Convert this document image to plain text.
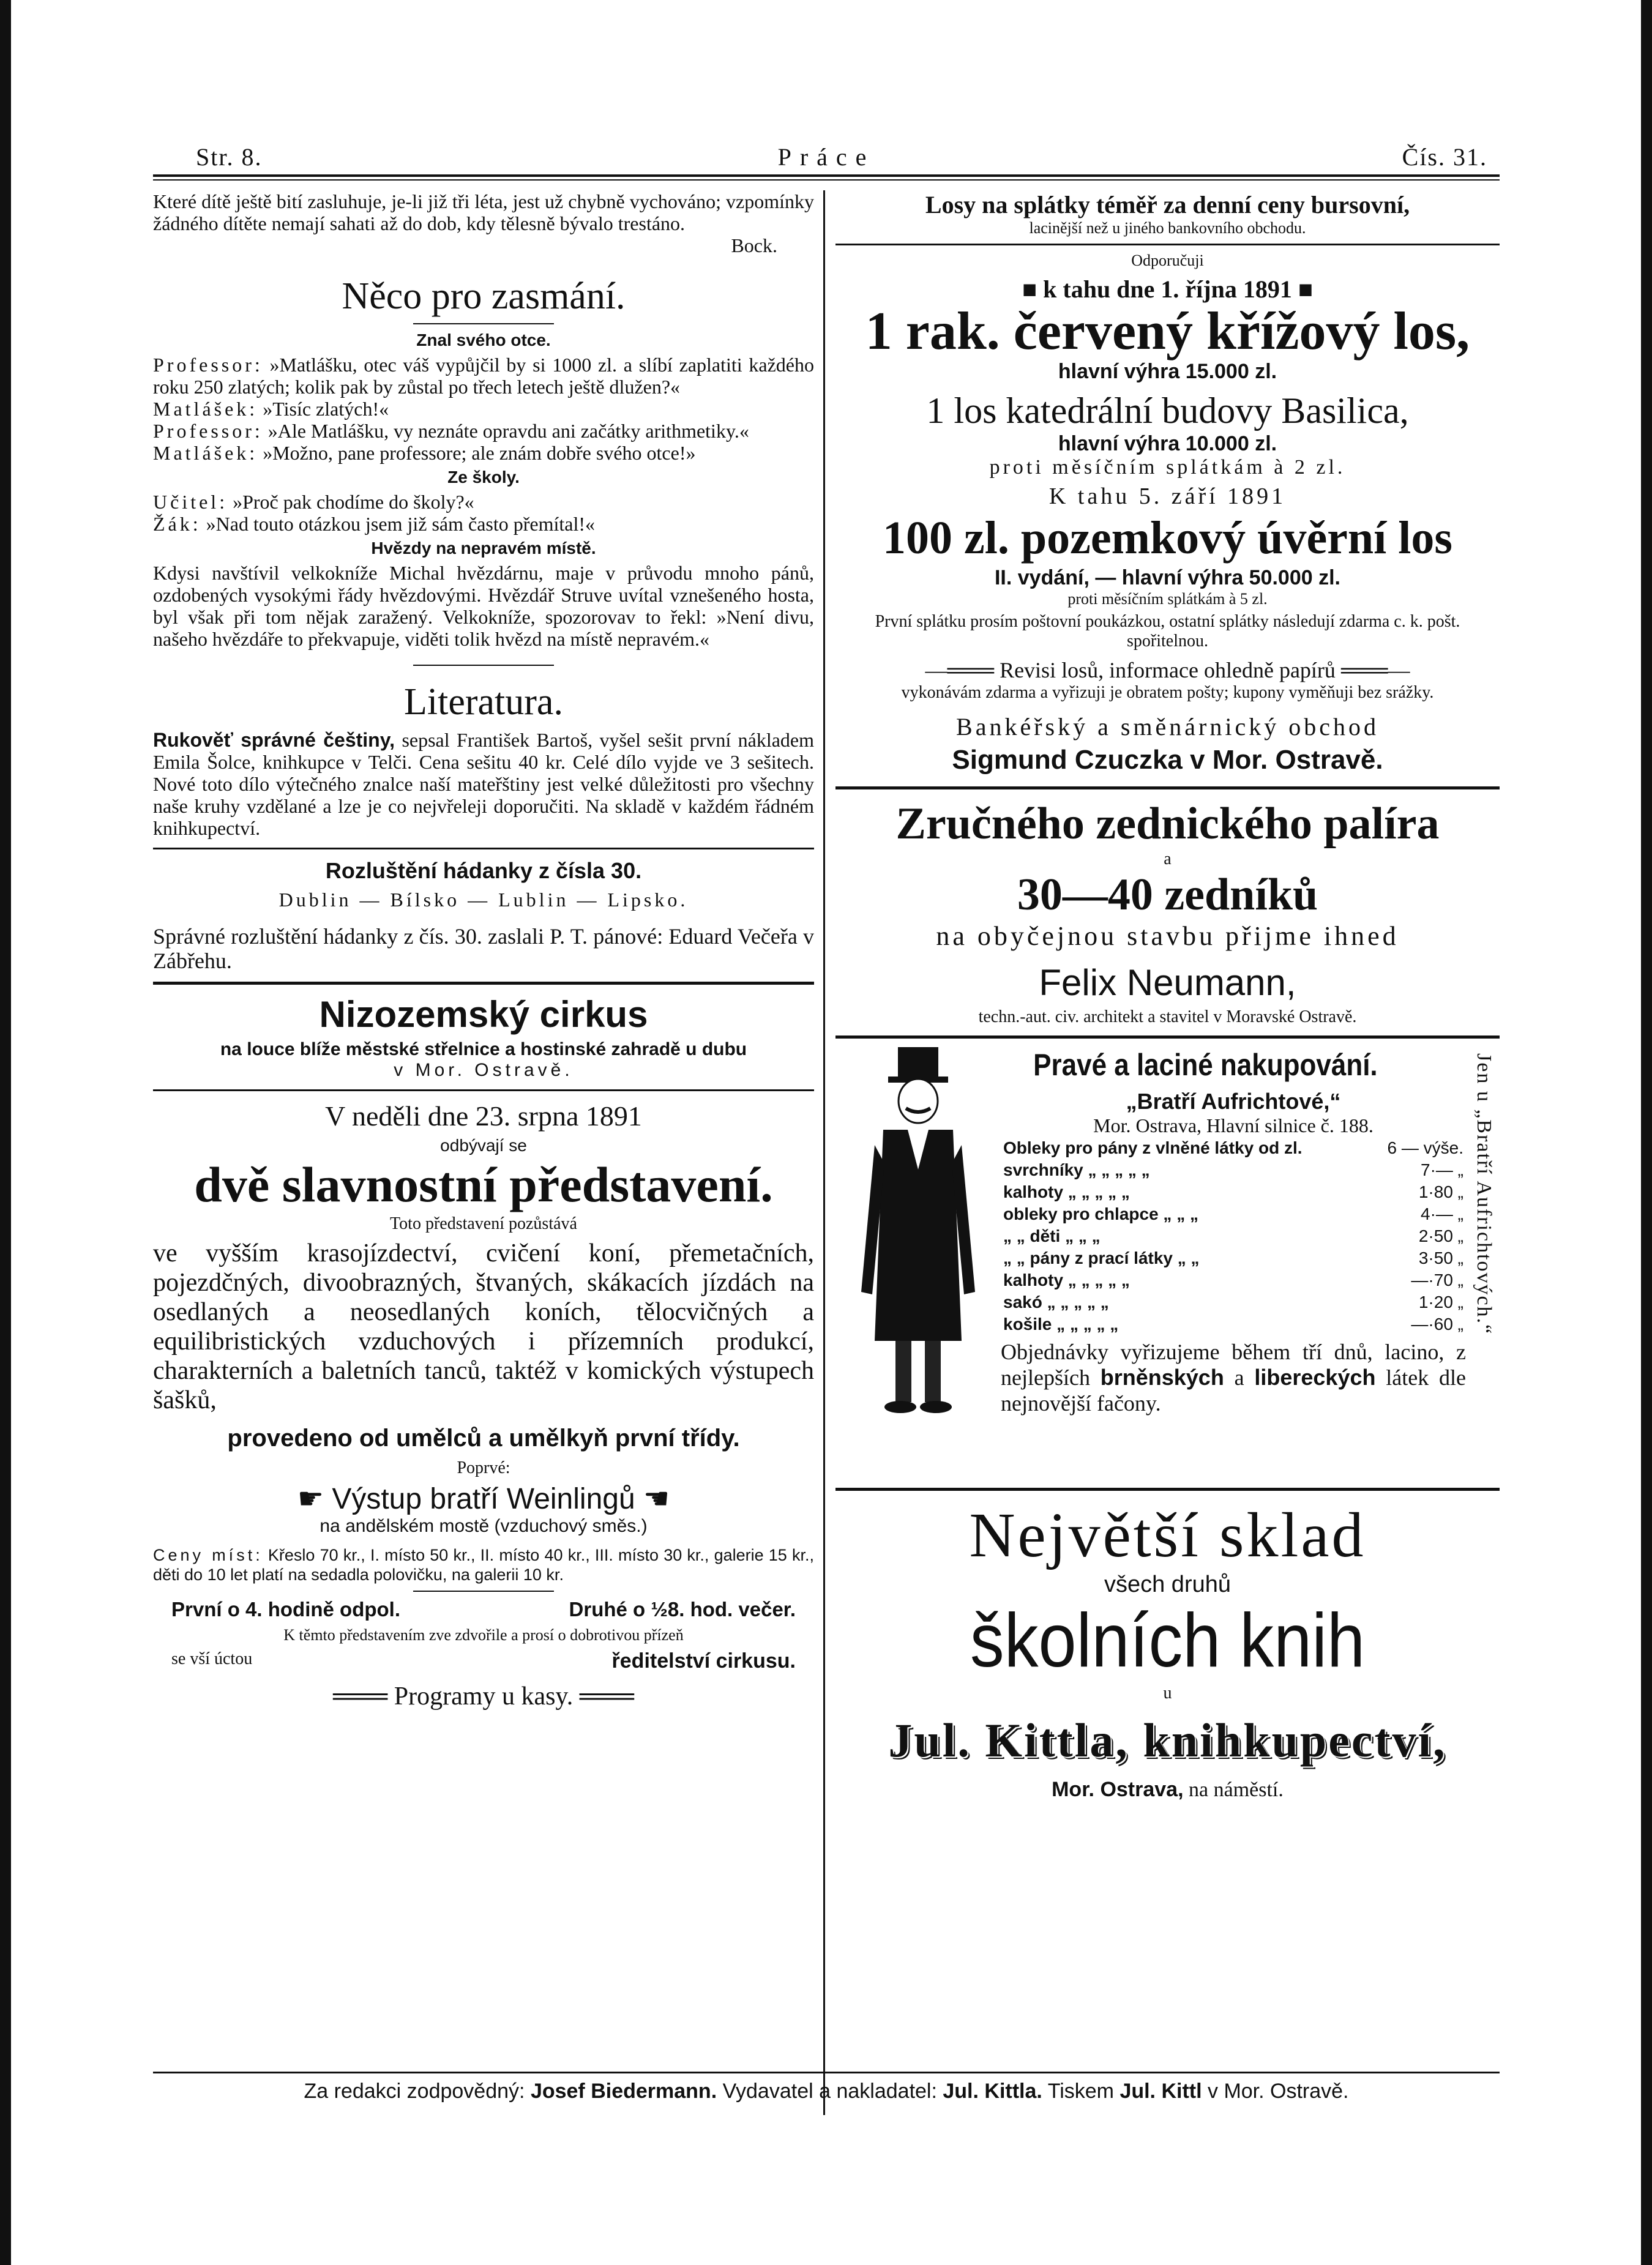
Str. 8.	Práce	Čís. 31.

Které dítě ještě bití zasluhuje, je-li již tři léta, jest už chybně vychováno; vzpomínky žádného dítěte nemají sahati až do dob, kdy tělesně bývalo trestáno.

Bock.

Něco pro zasmání.
Znal svého otce.

Professor: »Matlášku, otec váš vypůjčil by si 1000 zl. a slíbí zaplatiti každého roku 250 zlatých; kolik pak by zůstal po třech letech ještě dlužen?«

Matlášek: »Tisíc zlatých!«

Professor: »Ale Matlášku, vy neznáte opravdu ani začátky arithmetiky.«

Matlášek: »Možno, pane professore; ale znám dobře svého otce!»

Ze školy.

Učitel: »Proč pak chodíme do školy?«

Žák: »Nad touto otázkou jsem již sám často přemítal!«

Hvězdy na nepravém místě.

Kdysi navštívil velkokníže Michal hvězdárnu, maje v průvodu mnoho pánů, ozdobených vysokými řády hvězdovými. Hvězdář Struve uvítal vznešeného hosta, byl však při tom nějak zaražený. Velkokníže, spozorovav to řekl: »Není divu, našeho hvězdáře to překvapuje, viděti tolik hvězd na místě nepravém.«

Literatura.

Rukověť správné češtiny, sepsal František Bartoš, vyšel sešit první nákladem Emila Šolce, knihkupce v Telči. Cena sešitu 40 kr. Celé dílo vyjde ve 3 sešitech. Nové toto dílo výtečného znalce naší mateřštiny jest velké důležitosti pro všechny naše kruhy vzdělané a lze je co nejvřeleji doporučiti. Na skladě v každém řádném knihkupectví.

Rozluštění hádanky z čísla 30.

Dublin — Bílsko — Lublin — Lipsko.

Správné rozluštění hádanky z čís. 30. zaslali P. T. pánové: Eduard Večeřa v Zábřehu.

Nizozemský cirkus
na louce blíže městské střelnice a hostinské zahradě u dubu
v Mor. Ostravě.
V neděli dne 23. srpna 1891
odbývají se
dvě slavnostní představení.
Toto představení pozůstává

ve vyšším krasojízdectví, cvičení koní, přemetačních, pojezdčných, divoobrazných, štvaných, skákacích jízdách na osedlaných a neosedlaných koních, tělocvičných a equilibristických vzduchových i přízemních produkcí, charakterních a baletních tanců, taktéž v komických výstupech šašků,

provedeno od umělců a umělkyň první třídy.
Poprvé:
☛ Výstup bratří Weinlingů ☚
na andělském mostě (vzduchový směs.)

Ceny míst: Křeslo 70 kr., I. místo 50 kr., II. místo 40 kr., III. místo 30 kr., galerie 15 kr., děti do 10 let platí na sedadla polovičku, na galerii 10 kr.

První o 4. hodině odpol.	Druhé o ½8. hod. večer.
K těmto představením zve zdvořile a prosí o dobrotivou přízeň
se vší úctou	ředitelství cirkusu.
═══ Programy u kasy. ═══
Losy na splátky téměř za denní ceny bursovní,
lacinější než u jiného bankovního obchodu.
Odporučuji
■ k tahu dne 1. října 1891 ■
1 rak. červený křížový los,
hlavní výhra 15.000 zl.
1 los katedrální budovy Basilica,
hlavní výhra 10.000 zl.
proti měsíčním splátkám à 2 zl.
K tahu 5. září 1891
100 zl. pozemkový úvěrní los
II. vydání, — hlavní výhra 50.000 zl.
proti měsíčním splátkám à 5 zl.

První splátku prosím poštovní poukázkou, ostatní splátky následují zdarma c. k. pošt. spořitelnou.

—═══ Revisi losů, informace ohledně papírů ═══—

vykonávám zdarma a vyřizuji je obratem pošty; kupony vyměňuji bez srážky.

Bankéřský a směnárnický obchod
Sigmund Czuczka v Mor. Ostravě.
Zručného zednického palíra
a
30—40 zedníků
na obyčejnou stavbu přijme ihned
Felix Neumann,
techn.-aut. civ. architekt a stavitel v Moravské Ostravě.
Pravé a laciné nakupování.
„Bratří Aufrichtové,“
Mor. Ostrava, Hlavní silnice č. 188.
Obleky pro pány z vlněné látky od zl.	6 — výše.
svrchníky „ „ „ „ „	7·— „
kalhoty „ „ „ „ „	1·80 „
obleky pro chlapce „ „ „	4·— „
„ „ děti „ „ „	2·50 „
„ „ pány z prací látky „ „	3·50 „
kalhoty „ „ „ „ „	—·70 „
sakó „ „ „ „ „	1·20 „
košile „ „ „ „ „	—·60 „

Objednávky vyřizujeme během tří dnů, lacino, z nejlepších brněnských a libereckých látek dle nejnovější fačony.

Jen u „Bratří Aufrichtových.“
Největší sklad
všech druhů
školních knih
u
Jul. Kittla, knihkupectví,
Mor. Ostrava, na náměstí.
Za redakci zodpovědný: Josef Biedermann. Vydavatel a nakladatel: Jul. Kittla. Tiskem Jul. Kittl v Mor. Ostravě.
